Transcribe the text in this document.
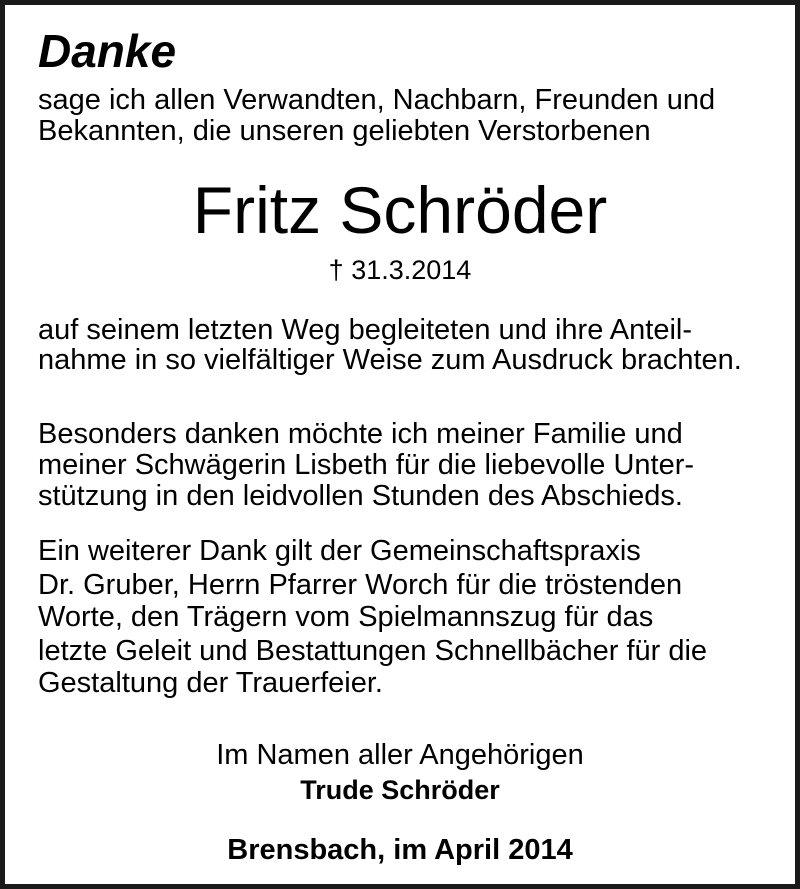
Danke
sage ich allen Verwandten, Nachbarn, Freunden und
Bekannten, die unseren geliebten Verstorbenen
Fritz Schröder
† 31.3.2014
auf seinem letzten Weg begleiteten und ihre Anteil-
nahme in so vielfältiger Weise zum Ausdruck brachten.
Besonders danken möchte ich meiner Familie und
meiner Schwägerin Lisbeth für die liebevolle Unter-
stützung in den leidvollen Stunden des Abschieds.
Ein weiterer Dank gilt der Gemeinschaftspraxis
Dr. Gruber, Herrn Pfarrer Worch für die tröstenden
Worte, den Trägern vom Spielmannszug für das
letzte Geleit und Bestattungen Schnellbächer für die
Gestaltung der Trauerfeier.
Im Namen aller Angehörigen
Trude Schröder
Brensbach, im April 2014
